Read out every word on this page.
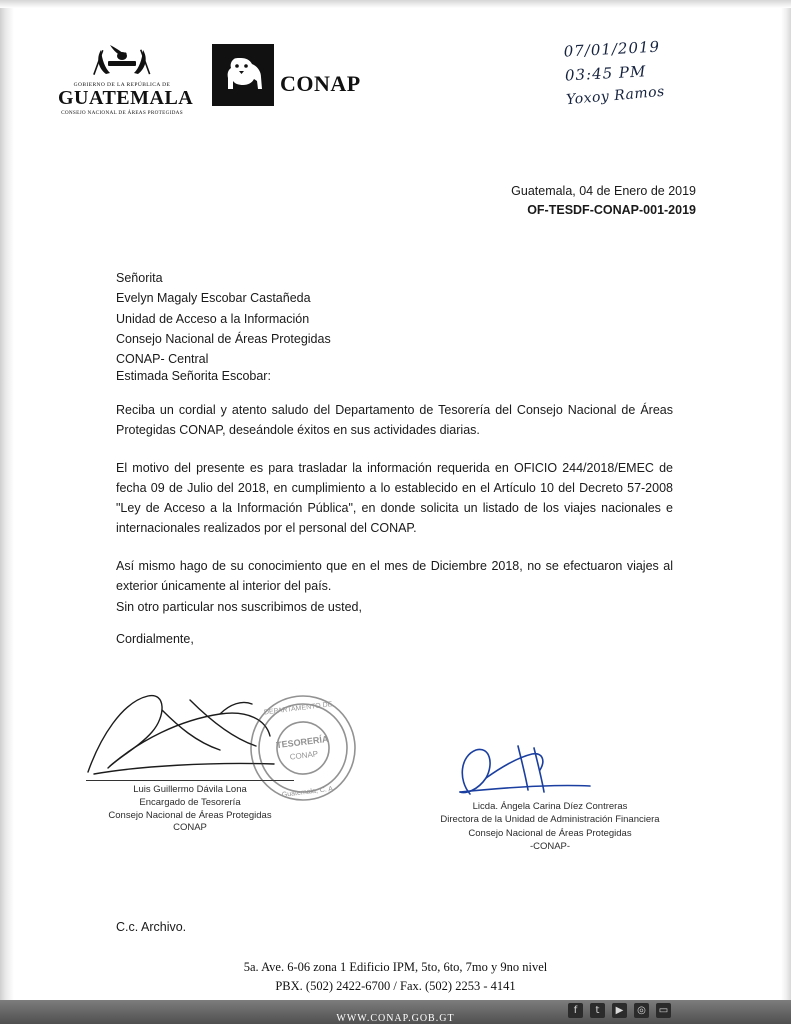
GOBIERNO DE LA REPÚBLICA DE
GUATEMALA
CONSEJO NACIONAL DE ÁREAS PROTEGIDAS
CONAP
07/01/2019
03:45 PM
Yoxoy Ramos
Guatemala, 04 de Enero de 2019
OF-TESDF-CONAP-001-2019
Señorita
Evelyn Magaly Escobar Castañeda
Unidad de Acceso a la Información
Consejo Nacional de Áreas Protegidas
CONAP- Central
Estimada Señorita Escobar:

Reciba un cordial y atento saludo del Departamento de Tesorería del Consejo Nacional de Áreas Protegidas CONAP, deseándole éxitos en sus actividades diarias.

El motivo del presente es para trasladar la información requerida en OFICIO 244/2018/EMEC de fecha 09 de Julio del 2018, en cumplimiento a lo establecido en el Artículo 10 del Decreto 57-2008 "Ley de Acceso a la Información Pública", en donde solicita un listado de los viajes nacionales e internacionales realizados por el personal del CONAP.

Así mismo hago de su conocimiento que en el mes de Diciembre 2018, no se efectuaron viajes al exterior únicamente al interior del país.

Sin otro particular nos suscribimos de usted,
Cordialmente,
Luis Guillermo Dávila Lona
Encargado de Tesorería
Consejo Nacional de Áreas Protegidas
CONAP
DEPARTAMENTO DE
TESORERÍA
CONAP
Guatemala, C. A.
Licda. Ángela Carina Díez Contreras
Directora de la Unidad de Administración Financiera
Consejo Nacional de Áreas Protegidas
-CONAP-
C.c. Archivo.
5a. Ave. 6-06 zona 1 Edificio IPM, 5to, 6to, 7mo y 9no nivel
PBX. (502) 2422-6700 / Fax. (502) 2253 - 4141
f	t	▶	◎	▭
WWW.CONAP.GOB.GT
